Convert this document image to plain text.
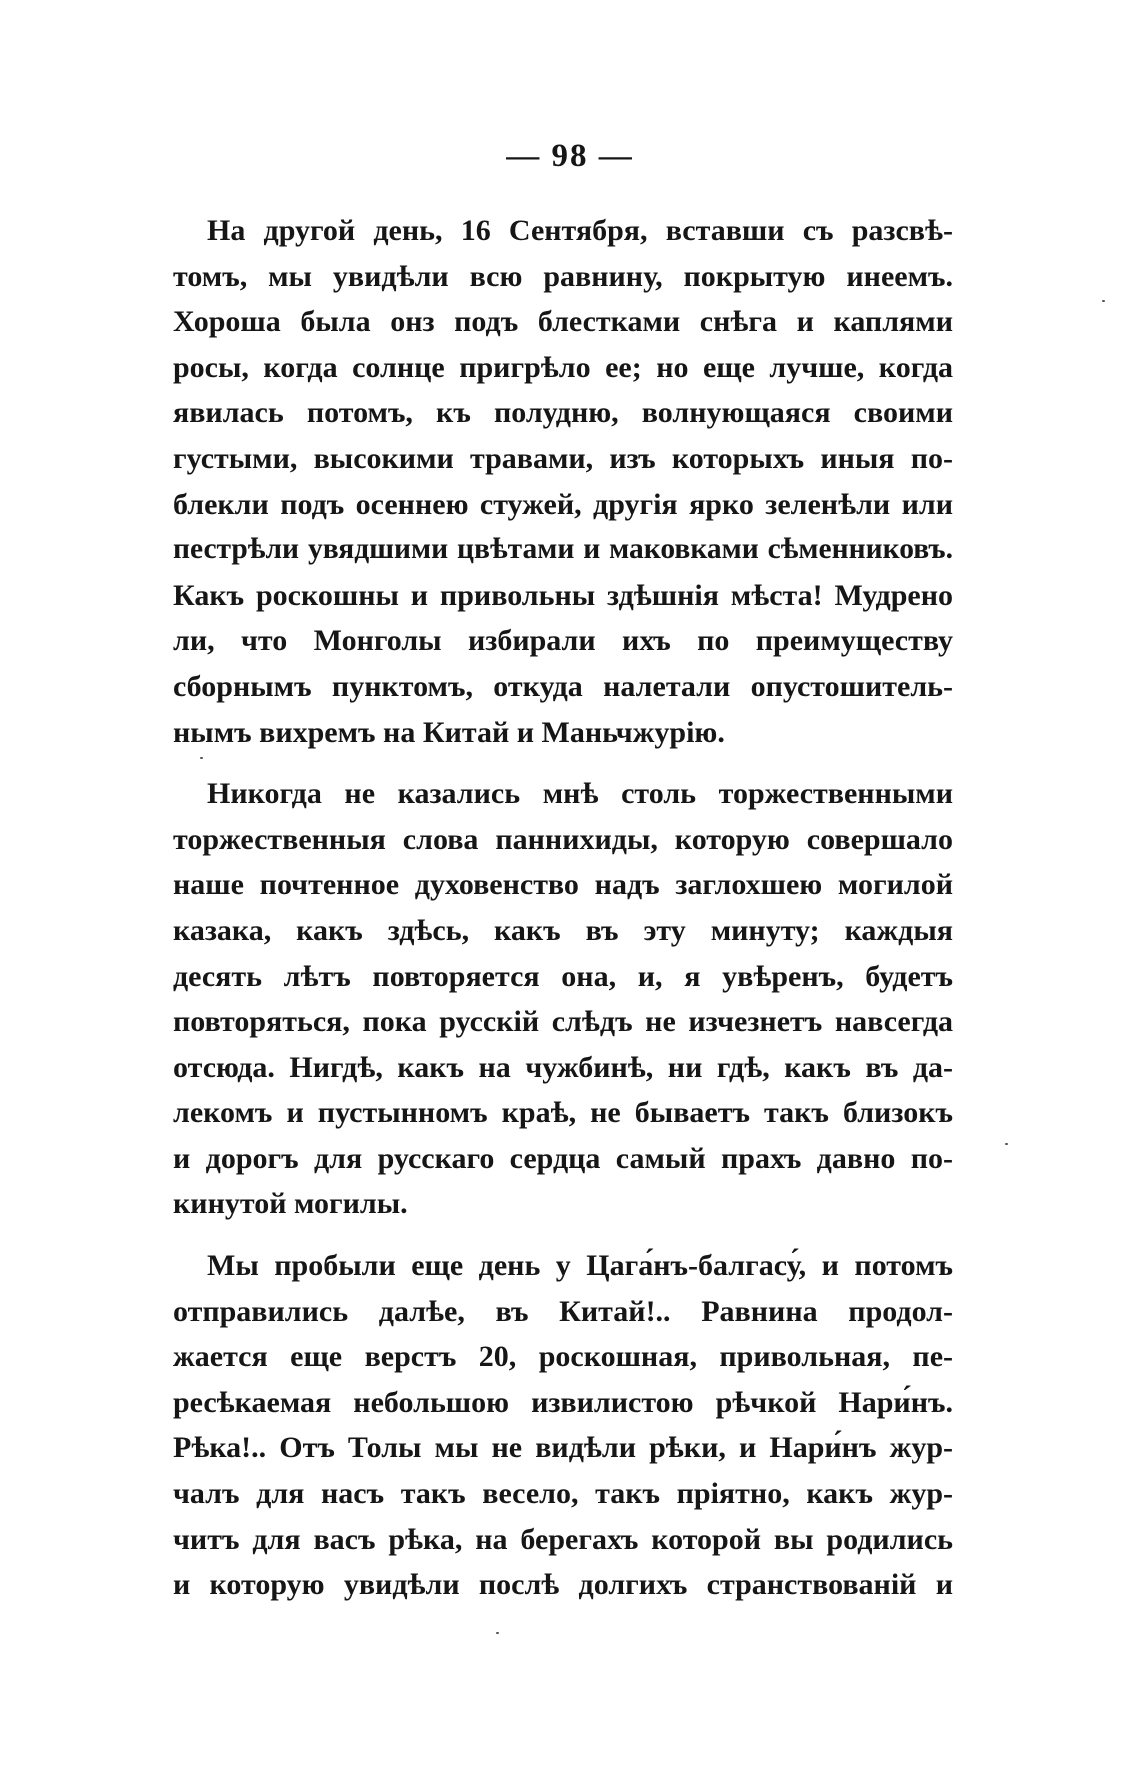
— 98 —
На другой день, 16 Сентября, вставши съ разсвѣ-
томъ, мы увидѣли всю равнину, покрытую инеемъ.
Хороша была онз подъ блестками снѣга и каплями
росы, когда солнце пригрѣло ее; но еще лучше, когда
явилась потомъ, къ полудню, волнующаяся своими
густыми, высокими травами, изъ которыхъ иныя по-
блекли подъ осеннею стужей, другія ярко зеленѣли или
пестрѣли увядшими цвѣтами и маковками сѣменниковъ.
Какъ роскошны и привольны здѣшнія мѣста! Мудрено
ли, что Монголы избирали ихъ по преимуществу
сборнымъ пунктомъ, откуда налетали опустошитель-
нымъ вихремъ на Китай и Маньчжурію.
Никогда не казались мнѣ столь торжественными
торжественныя слова паннихиды, которую совершало
наше почтенное духовенство надъ заглохшею могилой
казака, какъ здѣсь, какъ въ эту минуту; каждыя
десять лѣтъ повторяется она, и, я увѣренъ, будетъ
повторяться, пока русскій слѣдъ не изчезнетъ навсегда
отсюда. Нигдѣ, какъ на чужбинѣ, ни гдѣ, какъ въ да-
лекомъ и пустынномъ краѣ, не бываетъ такъ близокъ
и дорогъ для русскаго сердца самый прахъ давно по-
кинутой могилы.
Мы пробыли еще день у Цага́нъ-балгасу́, и потомъ
отправились далѣе, въ Китай!.. Равнина продол-
жается еще верстъ 20, роскошная, привольная, пе-
ресѣкаемая небольшою извилистою рѣчкой Нари́нъ.
Рѣка!.. Отъ Толы мы не видѣли рѣки, и Нари́нъ жур-
чалъ для насъ такъ весело, такъ пріятно, какъ жур-
читъ для васъ рѣка, на берегахъ которой вы родились
и которую увидѣли послѣ долгихъ странствованій и
